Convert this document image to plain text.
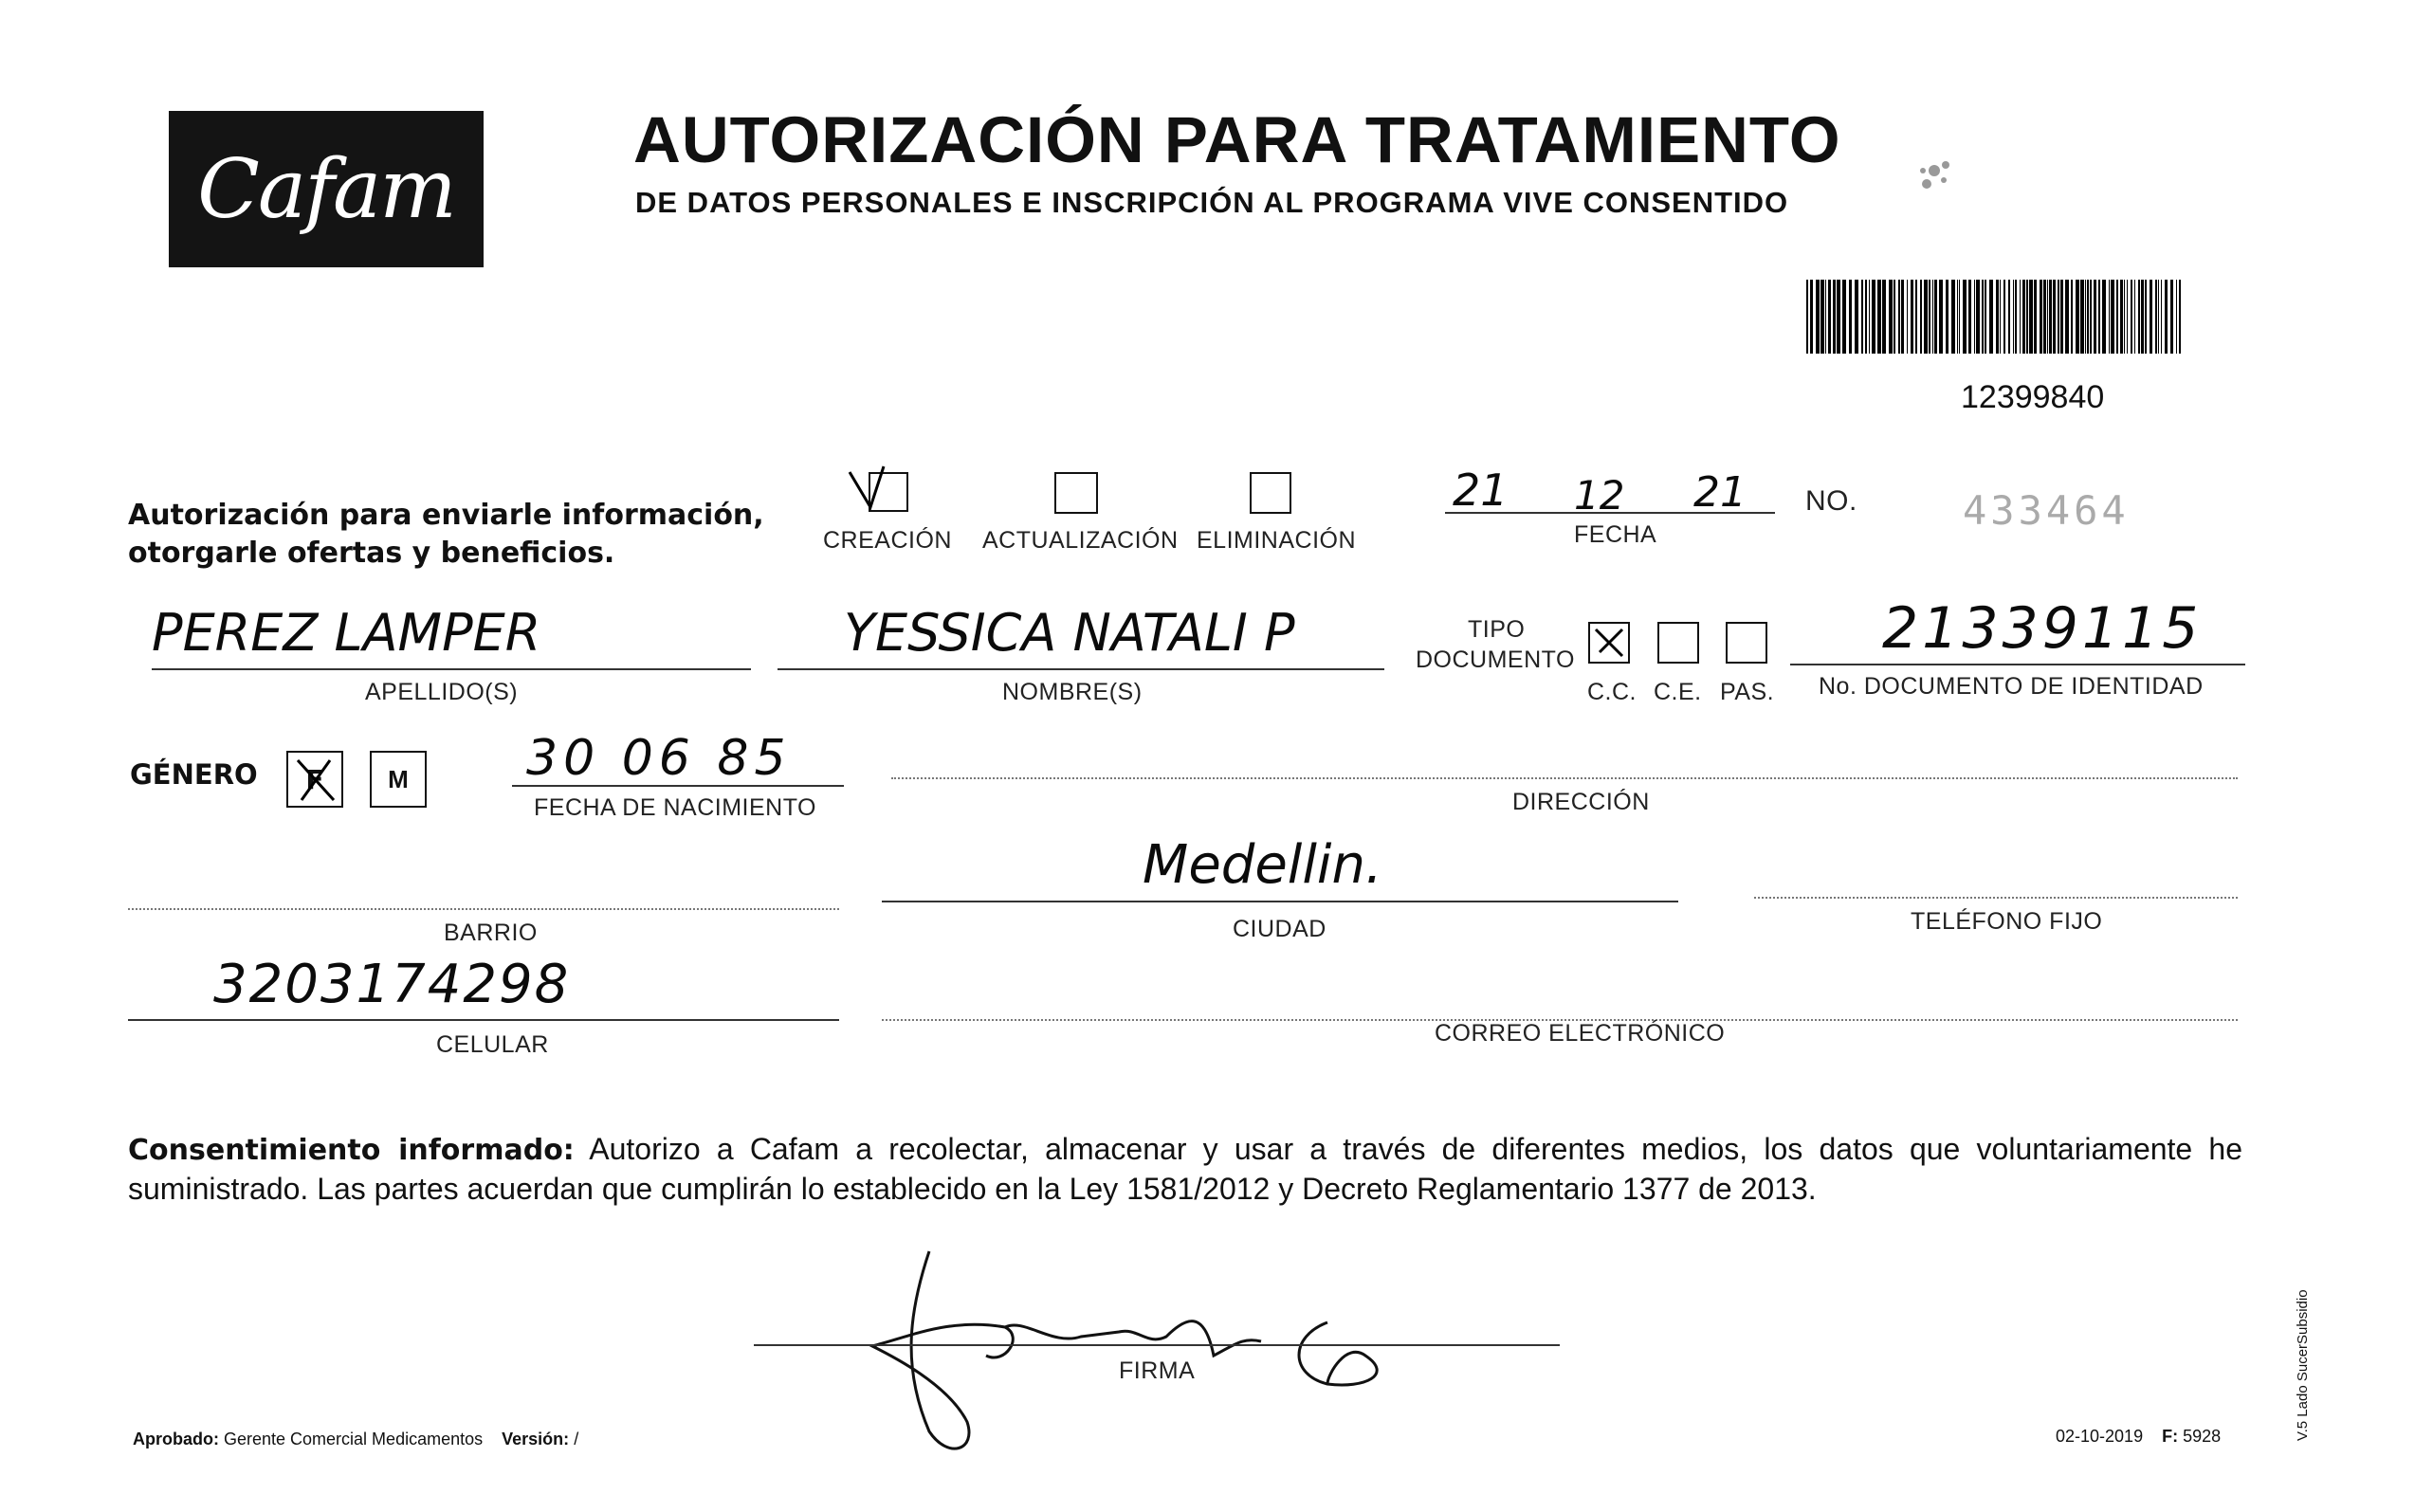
Cafam
AUTORIZACIÓN PARA TRATAMIENTO
DE DATOS PERSONALES E INSCRIPCIÓN AL PROGRAMA VIVE CONSENTIDO
12399840
Autorización para enviarle información,
otorgarle ofertas y beneficios.	CREACIÓN ACTUALIZACIÓN ELIMINACIÓN
21 12 21
FECHA
NO.	433464
PEREZ LAMPER
APELLIDO(S)
YESSICA NATALI P
NOMBRE(S)
TIPO
DOCUMENTO
C.C. C.E. PAS.
21339115
No. DOCUMENTO DE IDENTIDAD
GÉNERO F	M 30 06 85
FECHA DE NACIMIENTO	DIRECCIÓN
BARRIO
Medellin.
CIUDAD	TELÉFONO FIJO
3203174298
CELULAR	CORREO ELECTRÓNICO
Consentimiento informado: Autorizo a Cafam a recolectar, almacenar y usar a través de diferentes medios, los datos que voluntariamente he suministrado. Las partes acuerdan que cumplirán lo establecido en la Ley 1581/2012 y Decreto Reglamentario 1377 de 2013.
FIRMA
Aprobado: Gerente Comercial Medicamentos Versión: /	02-10-2019 F: 5928	V.5 Lado SucerSubsidio
